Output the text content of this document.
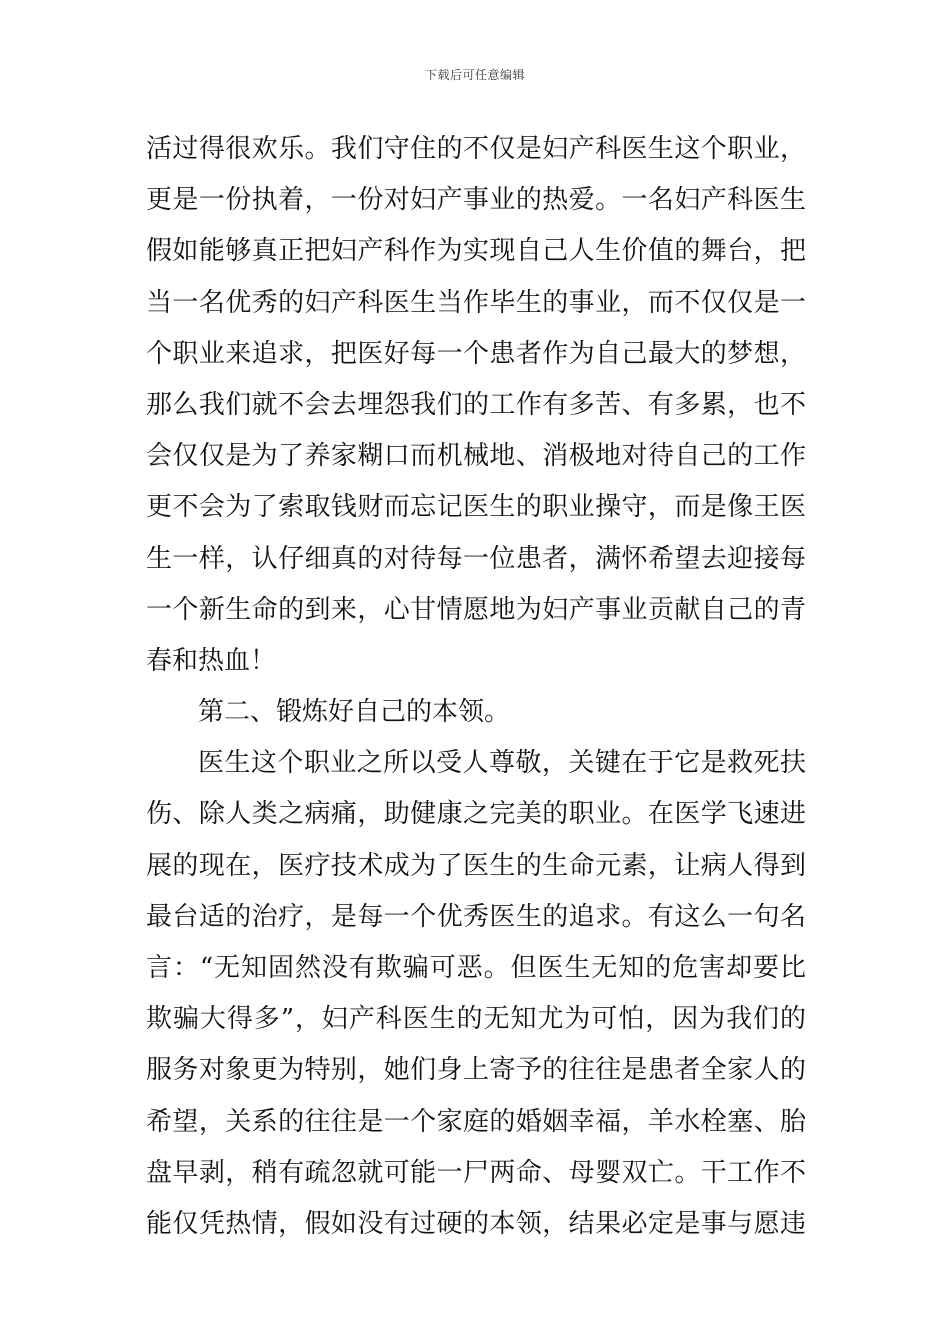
下载后可任意编辑
活过得很欢乐。我们守住的不仅是妇产科医生这个职业，
更是一份执着，一份对妇产事业的热爱。一名妇产科医生
假如能够真正把妇产科作为实现自己人生价值的舞台，把
当一名优秀的妇产科医生当作毕生的事业，而不仅仅是一
个职业来追求，把医好每一个患者作为自己最大的梦想，
那么我们就不会去埋怨我们的工作有多苦、有多累，也不
会仅仅是为了养家糊口而机械地、消极地对待自己的工作
更不会为了索取钱财而忘记医生的职业操守，而是像王医
生一样，认仔细真的对待每一位患者，满怀希望去迎接每
一个新生命的到来，心甘情愿地为妇产事业贡献自己的青
春和热血！
第二、锻炼好自己的本领。
医生这个职业之所以受人尊敬，关键在于它是救死扶
伤、除人类之病痛，助健康之完美的职业。在医学飞速进
展的现在，医疗技术成为了医生的生命元素，让病人得到
最台适的治疗，是每一个优秀医生的追求。有这么一句名
言：“无知固然没有欺骗可恶。但医生无知的危害却要比
欺骗大得多”，妇产科医生的无知尤为可怕，因为我们的
服务对象更为特别，她们身上寄予的往往是患者全家人的
希望，关系的往往是一个家庭的婚姻幸福，羊水栓塞、胎
盘早剥，稍有疏忽就可能一尸两命、母婴双亡。干工作不
能仅凭热情，假如没有过硬的本领，结果必定是事与愿违
